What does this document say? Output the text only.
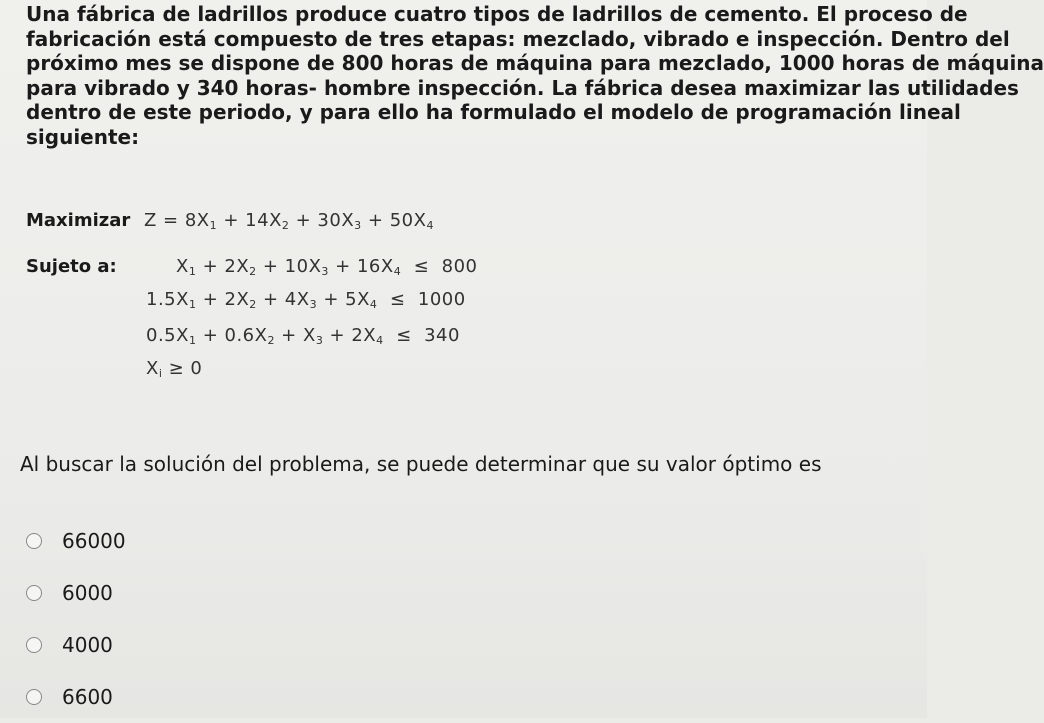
Una fábrica de ladrillos produce cuatro tipos de ladrillos de cemento. El proceso de
fabricación está compuesto de tres etapas: mezclado, vibrado e inspección. Dentro del
próximo mes se dispone de 800 horas de máquina para mezclado, 1000 horas de máquina
para vibrado y 340 horas- hombre inspección. La fábrica desea maximizar las utilidades
dentro de este periodo, y para ello ha formulado el modelo de programación lineal
siguiente:
Maximizar $Z = 8X_1 + 14X_2 + 30X_3 + 50X_4$
Sujeto a:	$X_1 + 2X_2 + 10X_3 + 16X_4 \le 800$
$1.5X_1 + 2X_2 + 4X_3 + 5X_4 \le 1000$
$0.5X_1 + 0.6X_2 + X_3 + 2X_4 \le 340$
$X_i \ge 0$
Al buscar la solución del problema, se puede determinar que su valor óptimo es
66000
6000
4000
6600
